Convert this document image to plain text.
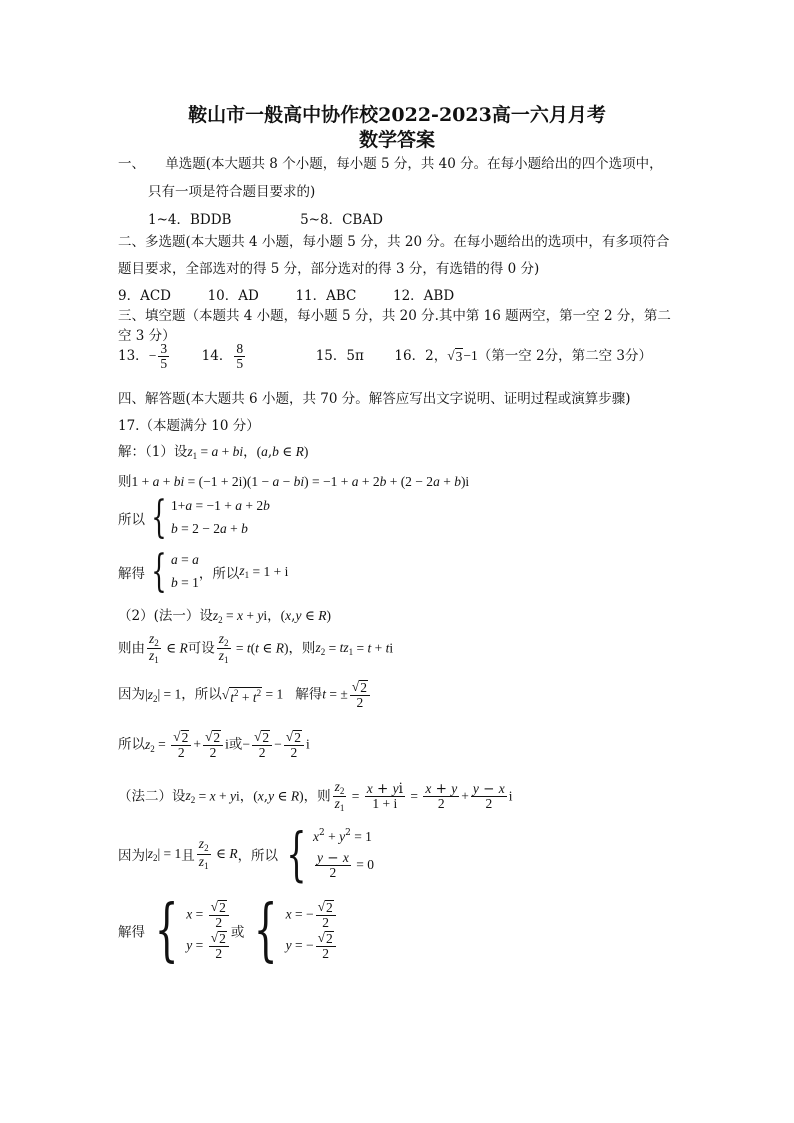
鞍山市一般高中协作校2022-2023高一六月月考
数学答案
一、　　单选题(本大题共 8 个小题，每小题 5 分，共 40 分。在每小题给出的四个选项中，
只有一项是符合题目要求的)
1~4．BDDB	5~8．CBAD
二、多选题(本大题共 4 小题，每小题 5 分，共 20 分。在每小题给出的选项中，有多项符合
题目要求，全部选对的得 5 分，部分选对的得 3 分，有选错的得 0 分)
9．ACD	10．AD	11．ABC	12．ABD
三、填空题（本题共 4 小题，每小题 5 分，共 20 分.其中第 16 题两空，第一空 2 分，第二
空 3 分）
13．− $\frac{3}{5} 14$． $\frac{8}{5}$	15．5π 16．2，√ 3 −1（第一空 2分，第二空 3分）
四、解答题(本大题共 6 小题，共 70 分。解答应写出文字说明、证明过程或演算步骤)
17.（本题满分 10 分）
解：（1）设$z_1 = a$ + bi，(a,b ∈ R)
则1 + a + bi = (−1 + 2i)(1 − a − bi) = −1 + a + 2b + (2 − 2a + b)i
所以 { 1+a = −1 + a + 2b
b = 2 − 2a + b
解得 { a = a
b = 1
，所以$z_1 = 1 + i$
（2）(法一）设$z_2 = x$ + yi，(x,y ∈ R)
则由 $\frac{z_2}{z_1}$ ∈ R可设 $\frac{z_2}{z_1} = t(t$ ∈ R)，则$z_2 = tz_1 = t$ + ti
因为$|z_2| = 1$，所以√ $t^2 + t^2 = 1$ 解得t = ± $\frac{√ 2}{2}$
所以$z_2 = \frac{√ 2}{2} + \frac{√ 2}{2}$ i或− $\frac{√ 2}{2} - \frac{√ 2}{2}$ i
（法二）设$z_2 = x$ + yi，(x,y ∈ R)，则 $\frac{z_2}{z_1} = \frac{x + yi}{1 + i} = \frac{x + y}{2} + \frac{y - x}{2}$ i
因为$|z_2| = 1$且 $\frac{z_2}{z_1}$ ∈ R，所以 { $x^2 + y^2 = 1$
$\frac{y - x}{2} = 0$
解得 { $x = \frac{√ 2}{2}$
$y = \frac{√ 2}{2}$ 或 { x = − $\frac{√ 2}{2}$
y = − $\frac{√ 2}{2}$
